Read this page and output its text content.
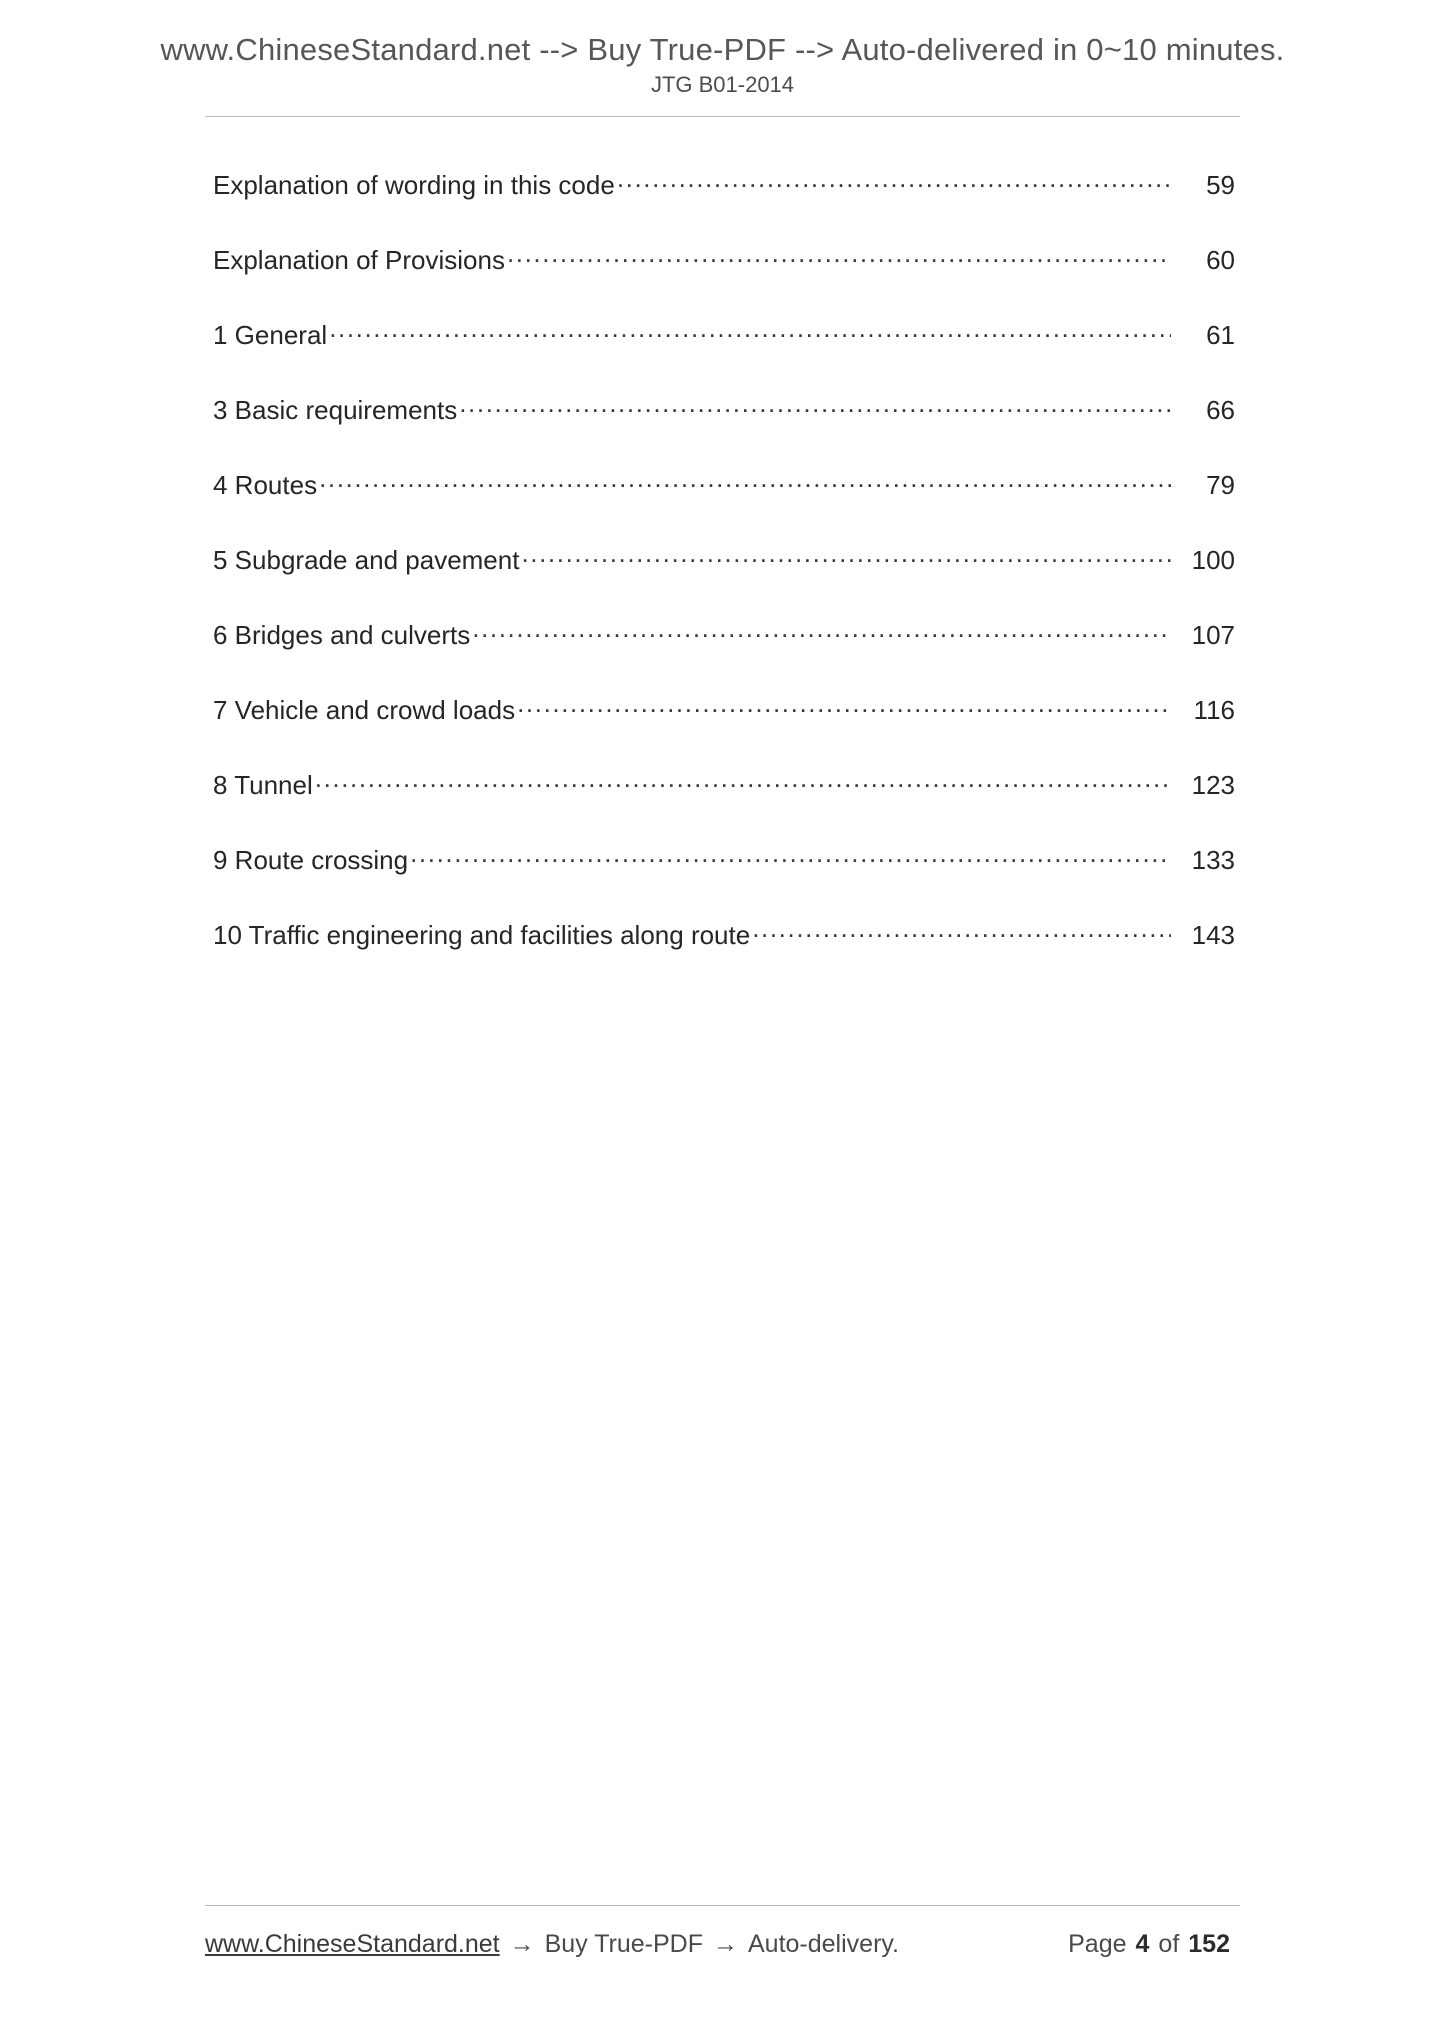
www.ChineseStandard.net --> Buy True-PDF --> Auto-delivered in 0~10 minutes.
JTG B01-2014
Explanation of wording in this code .....	59
Explanation of Provisions .....	60
1 General .....	61
3 Basic requirements .....	66
4 Routes .....	79
5 Subgrade and pavement .....	100
6 Bridges and culverts .....	107
7 Vehicle and crowd loads .....	116
8 Tunnel .....	123
9 Route crossing .....	133
10 Traffic engineering and facilities along route .....	143
www.ChineseStandard.net → Buy True-PDF → Auto-delivery.	Page 4 of 152
